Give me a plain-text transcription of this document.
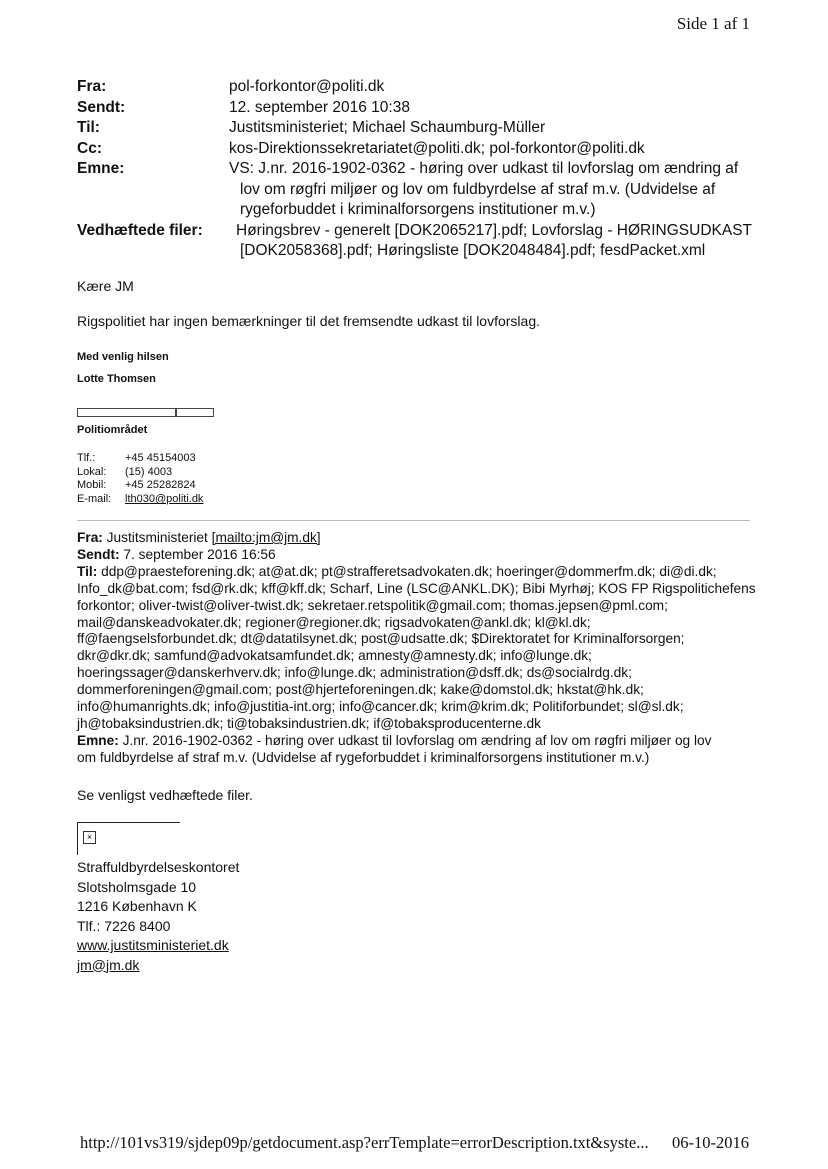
Side 1 af 1
Fra:	pol-forkontor@politi.dk
Sendt:	12. september 2016 10:38
Til:	Justitsministeriet; Michael Schaumburg-Müller
Cc:	kos-Direktionssekretariatet@politi.dk; pol-forkontor@politi.dk
Emne:	VS: J.nr. 2016-1902-0362 - høring over udkast til lovforslag om ændring af
lov om røgfri miljøer og lov om fuldbyrdelse af straf m.v. (Udvidelse af
rygeforbuddet i kriminalforsorgens institutioner m.v.)
Vedhæftede filer:	Høringsbrev - generelt [DOK2065217].pdf; Lovforslag - HØRINGSUDKAST
[DOK2058368].pdf; Høringsliste [DOK2048484].pdf; fesdPacket.xml

Kære JM

Rigspolitiet har ingen bemærkninger til det fremsendte udkast til lovforslag.

Med venlig hilsen
Lotte Thomsen
Politiområdet
Tlf.:	+45 45154003
Lokal:	(15) 4003
Mobil:	+45 25282824
E-mail:	lth030@politi.dk
Fra: Justitsministeriet [mailto:jm@jm.dk]
Sendt: 7. september 2016 16:56
Til: ddp@praesteforening.dk; at@at.dk; pt@strafferetsadvokaten.dk; hoeringer@dommerfm.dk; di@di.dk;
Info_dk@bat.com; fsd@rk.dk; kff@kff.dk; Scharf, Line (LSC@ANKL.DK); Bibi Myrhøj; KOS FP Rigspolitichefens
forkontor; oliver-twist@oliver-twist.dk; sekretaer.retspolitik@gmail.com; thomas.jepsen@pml.com;
mail@danskeadvokater.dk; regioner@regioner.dk; rigsadvokaten@ankl.dk; kl@kl.dk;
ff@faengselsforbundet.dk; dt@datatilsynet.dk; post@udsatte.dk; $Direktoratet for Kriminalforsorgen;
dkr@dkr.dk; samfund@advokatsamfundet.dk; amnesty@amnesty.dk; info@lunge.dk;
hoeringssager@danskerhverv.dk; info@lunge.dk; administration@dsff.dk; ds@socialrdg.dk;
dommerforeningen@gmail.com; post@hjerteforeningen.dk; kake@domstol.dk; hkstat@hk.dk;
info@humanrights.dk; info@justitia-int.org; info@cancer.dk; krim@krim.dk; Politiforbundet; sl@sl.dk;
jh@tobaksindustrien.dk; ti@tobaksindustrien.dk; if@tobaksproducenterne.dk
Emne: J.nr. 2016-1902-0362 - høring over udkast til lovforslag om ændring af lov om røgfri miljøer og lov
om fuldbyrdelse af straf m.v. (Udvidelse af rygeforbuddet i kriminalforsorgens institutioner m.v.)
Se venligst vedhæftede filer.
×
Straffuldbyrdelseskontoret
Slotsholmsgade 10
1216 København K
Tlf.: 7226 8400
www.justitsministeriet.dk
jm@jm.dk
http://101vs319/sjdep09p/getdocument.asp?errTemplate=errorDescription.txt&syste... 06-10-2016
